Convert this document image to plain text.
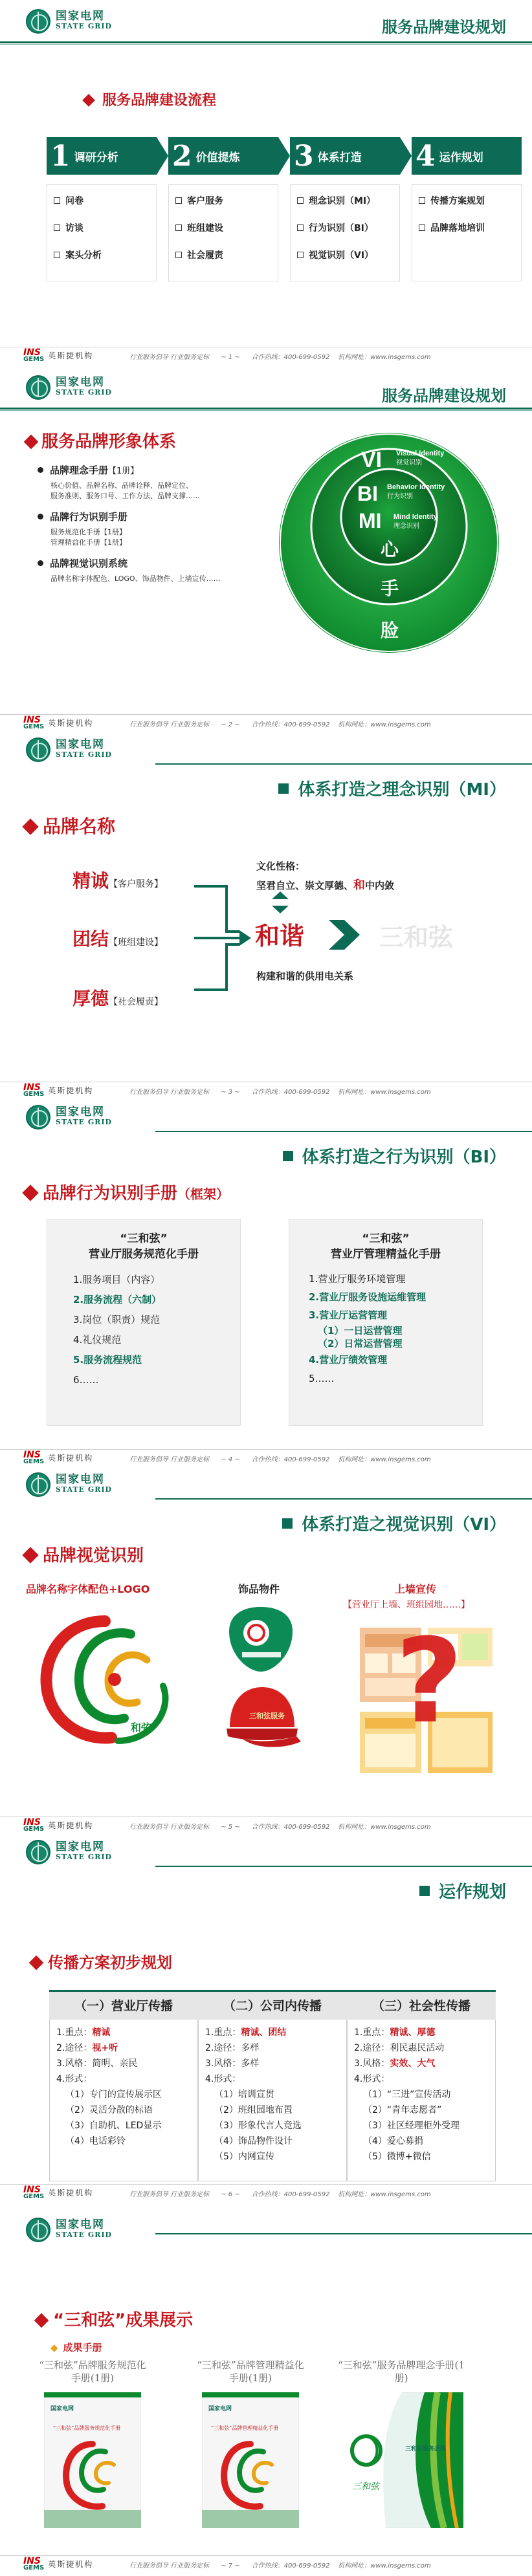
国家电网
STATE GRID	服务品牌建设规划
服务品牌建设流程
1 调研分析 2 价值提炼 3 体系打造 4 运作规划
问卷
访谈
案头分析
客户服务
班组建设
社会履责
理念识别（MI）
行为识别（BI）
视觉识别（VI）
传播方案规划
品牌落地培训
INS
GEMS 英斯捷机构	行业服务倡导 行业服务定标 ~ 1 ~ 合作热线：400-699-0592 机构网址：www.insgems.com
国家电网
STATE GRID	服务品牌建设规划
服务品牌形象体系
品牌理念手册【1册】
核心价值、品牌名称、品牌诠释、品牌定位、
服务准则、服务口号、工作方法、品牌支撑……
品牌行为识别手册
服务规范化手册【1册】
管理精益化手册【1册】
品牌视觉识别系统
品牌名称字体配色、LOGO、饰品物件、上墙宣传……
VI Visual Identity
视觉识别
BI Behavior Identity
行为识别
MI Mind Identity
理念识别
心
手
脸
INS
GEMS 英斯捷机构	行业服务倡导 行业服务定标 ~ 2 ~ 合作热线：400-699-0592 机构网址：www.insgems.com
国家电网
STATE GRID
体系打造之理念识别（MI）
品牌名称
精诚【客户服务】
团结【班组建设】
厚德【社会履责】
文化性格：
坚君自立、崇文厚德、和中内敛
和谐	三和弦
构建和谐的供用电关系
INS
GEMS 英斯捷机构	行业服务倡导 行业服务定标 ~ 3 ~ 合作热线：400-699-0592 机构网址：www.insgems.com
国家电网
STATE GRID
体系打造之行为识别（BI）
品牌行为识别手册（框架）
“三和弦”
营业厅服务规范化手册
1.服务项目（内容）
2.服务流程（六制）
3.岗位（职责）规范
4.礼仪规范
5.服务流程规范
6……
“三和弦”
营业厅管理精益化手册
1.营业厅服务环境管理
2.营业厅服务设施运维管理
3.营业厅运营管理
（1）一日运营管理
（2）日常运营管理
4.营业厅绩效管理
5……
INS
GEMS 英斯捷机构	行业服务倡导 行业服务定标 ~ 4 ~ 合作热线：400-699-0592 机构网址：www.insgems.com
国家电网
STATE GRID
体系打造之视觉识别（VI）
品牌视觉识别
品牌名称字体配色+LOGO	饰品物件	上墙宣传
【营业厅上墙、班组园地……】
和弦
三和弦服务 ?
INS
GEMS 英斯捷机构	行业服务倡导 行业服务定标 ~ 5 ~ 合作热线：400-699-0592 机构网址：www.insgems.com
国家电网
STATE GRID
运作规划
传播方案初步规划
（一）营业厅传播
1.重点：精诚
2.途径：视+听
3.风格：简明、亲民
4.形式：
（1）专门的宣传展示区
（2）灵活分散的标语
（3）自助机、LED显示
（4）电话彩铃
（二）公司内传播
1.重点：精诚、团结
2.途径：多样
3.风格：多样
4.形式：
（1）培训宣贯
（2）班组园地布置
（3）形象代言人竞选
（4）饰品物件设计
（5）内网宣传
（三）社会性传播
1.重点：精诚、厚德
2.途径：利民惠民活动
3.风格：实效、大气
4.形式：
（1）“三进”宣传活动
（2）“青年志愿者”
（3）社区经理柜外受理
（4）爱心募捐
（5）微博+微信
INS
GEMS 英斯捷机构	行业服务倡导 行业服务定标 ~ 6 ~ 合作热线：400-699-0592 机构网址：www.insgems.com
国家电网
STATE GRID
“三和弦”成果展示
◆ 成果手册
“三和弦”品牌服务规范化手册(1册)
国家电网
“三和弦”品牌服务规范化手册
“三和弦”品牌管理精益化手册(1册)
国家电网
“三和弦”品牌管理精益化手册
“三和弦”服务品牌理念手册(1册)
三和弦
三和弦服务品牌
INS
GEMS 英斯捷机构	行业服务倡导 行业服务定标 ~ 7 ~ 合作热线：400-699-0592 机构网址：www.insgems.com
